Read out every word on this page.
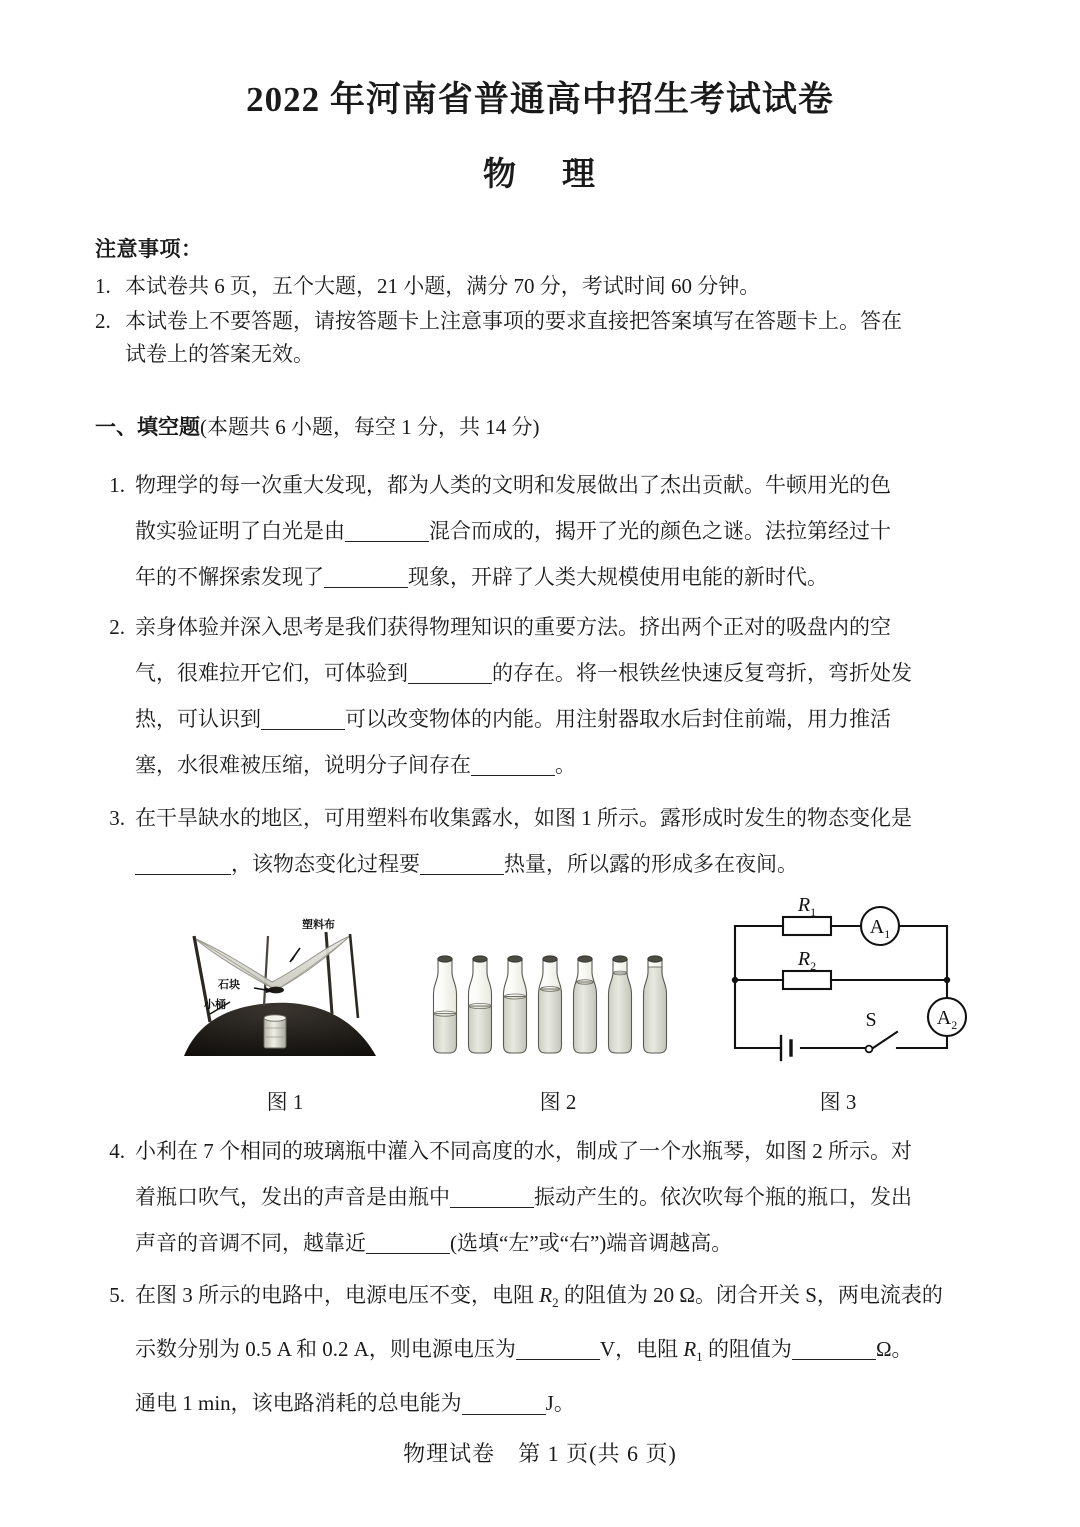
2022 年河南省普通高中招生考试试卷
物 理
注意事项：
1. 本试卷共 6 页，五个大题，21 小题，满分 70 分，考试时间 60 分钟。
2. 本试卷上不要答题，请按答题卡上注意事项的要求直接把答案填写在答题卡上。答在
试卷上的答案无效。
一、填空题(本题共 6 小题，每空 1 分，共 14 分)
1. 物理学的每一次重大发现，都为人类的文明和发展做出了杰出贡献。牛顿用光的色
散实验证明了白光是由	混合而成的，揭开了光的颜色之谜。法拉第经过十
年的不懈探索发现了	现象，开辟了人类大规模使用电能的新时代。
2. 亲身体验并深入思考是我们获得物理知识的重要方法。挤出两个正对的吸盘内的空
气，很难拉开它们，可体验到	的存在。将一根铁丝快速反复弯折，弯折处发
热，可认识到	可以改变物体的内能。用注射器取水后封住前端，用力推活
塞，水很难被压缩，说明分子间存在	。
3. 在干旱缺水的地区，可用塑料布收集露水，如图 1 所示。露形成时发生的物态变化是
，该物态变化过程要	热量，所以露的形成多在夜间。
塑料布
石块
小桶
R1
R2
A1
A2
S
图 1	图 2	图 3
4. 小利在 7 个相同的玻璃瓶中灌入不同高度的水，制成了一个水瓶琴，如图 2 所示。对
着瓶口吹气，发出的声音是由瓶中	振动产生的。依次吹每个瓶的瓶口，发出
声音的音调不同，越靠近	(选填“左”或“右”)端音调越高。
5. 在图 3 所示的电路中，电源电压不变，电阻 $R_2$ 的阻值为 20 Ω。闭合开关 S，两电流表的
示数分别为 0.5 A 和 0.2 A，则电源电压为	V，电阻 $R_1$ 的阻值为	Ω。
通电 1 min，该电路消耗的总电能为	J。
物理试卷　第 1 页(共 6 页)
